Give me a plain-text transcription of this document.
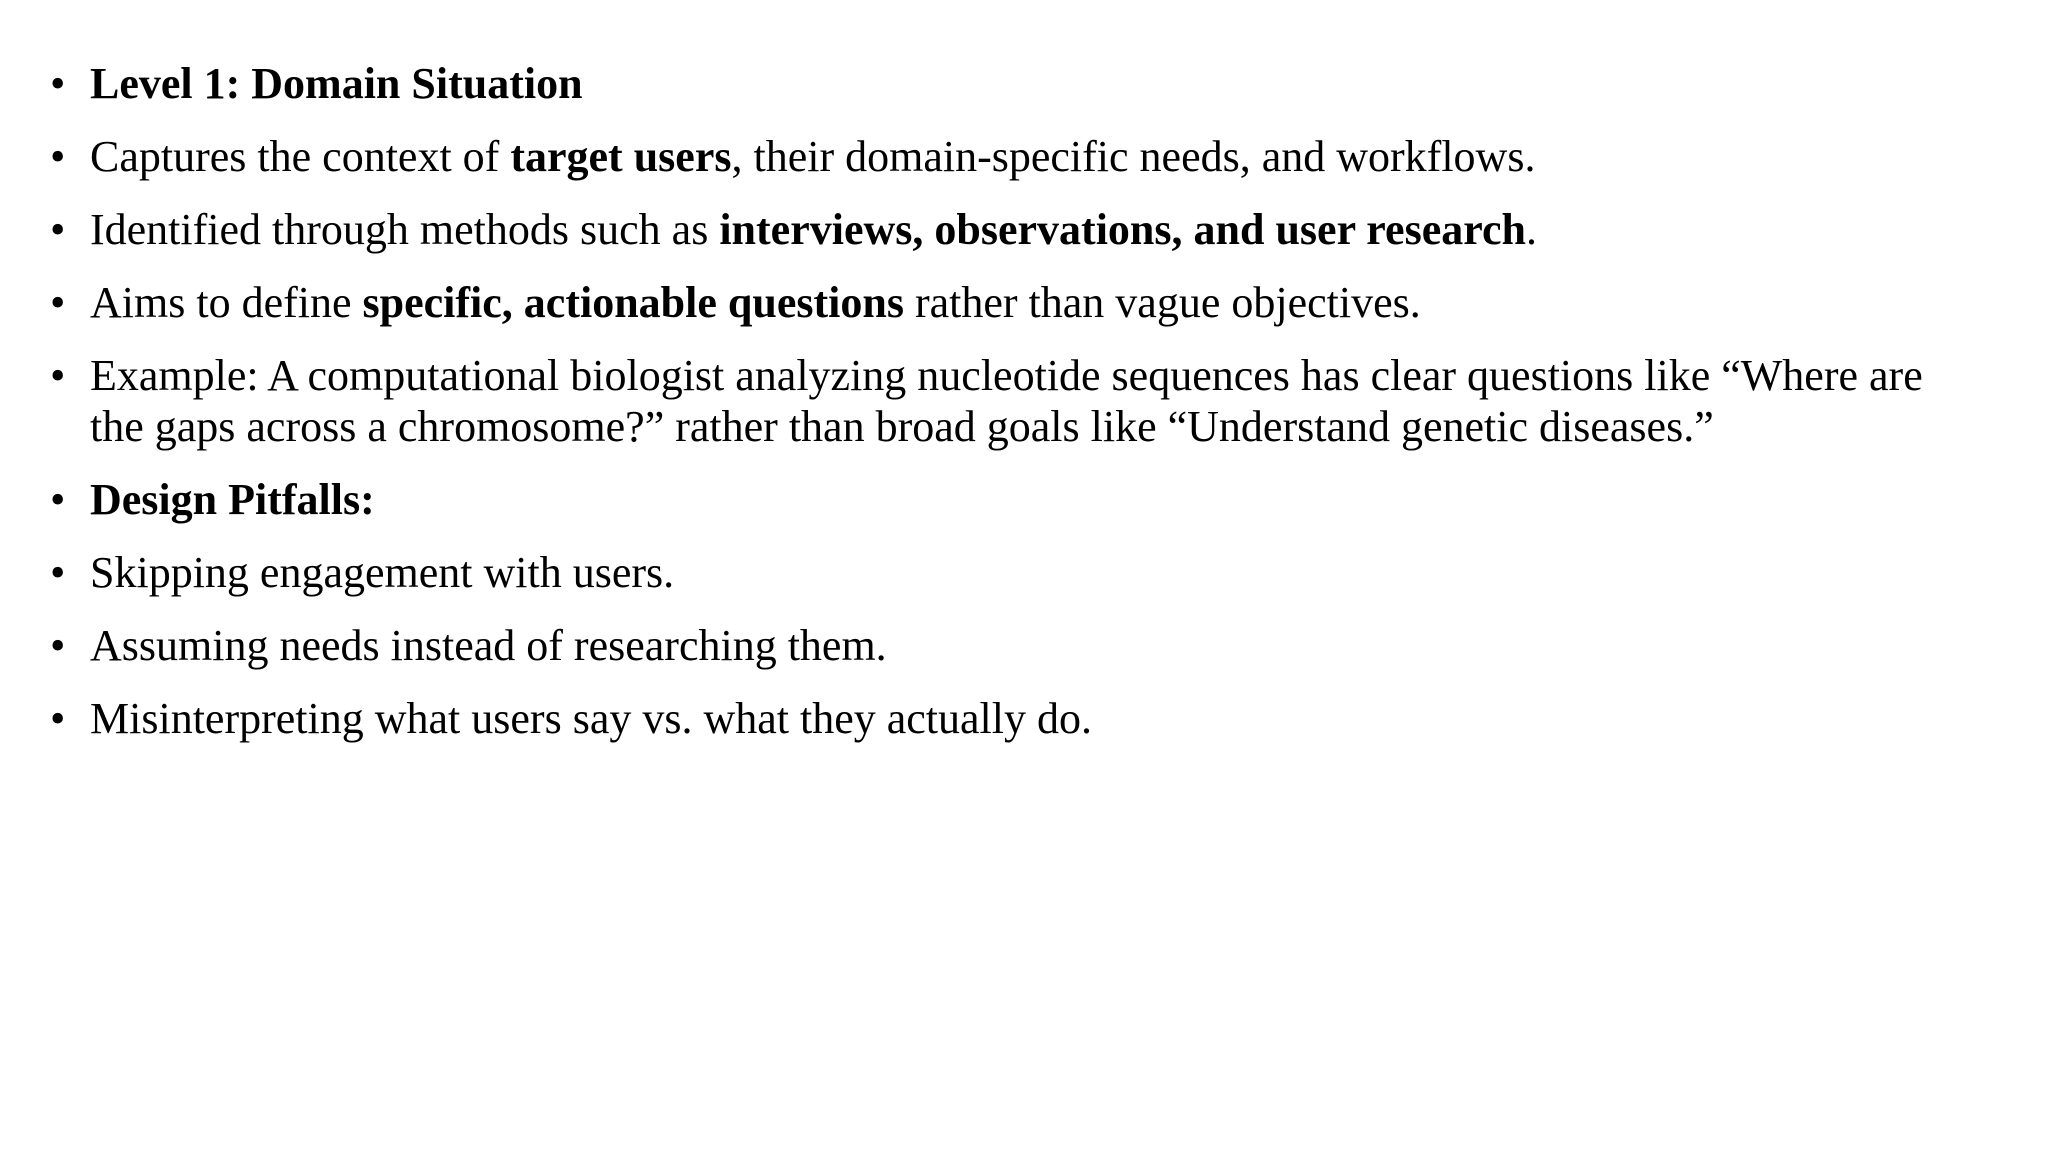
• Level 1: Domain Situation
• Captures the context of target users, their domain-specific needs, and workflows.
• Identified through methods such as interviews, observations, and user research.
• Aims to define specific, actionable questions rather than vague objectives.
• Example: A computational biologist analyzing nucleotide sequences has clear questions like “Where are the gaps across a chromosome?” rather than broad goals like “Understand genetic diseases.”
• Design Pitfalls:
• Skipping engagement with users.
• Assuming needs instead of researching them.
• Misinterpreting what users say vs. what they actually do.
